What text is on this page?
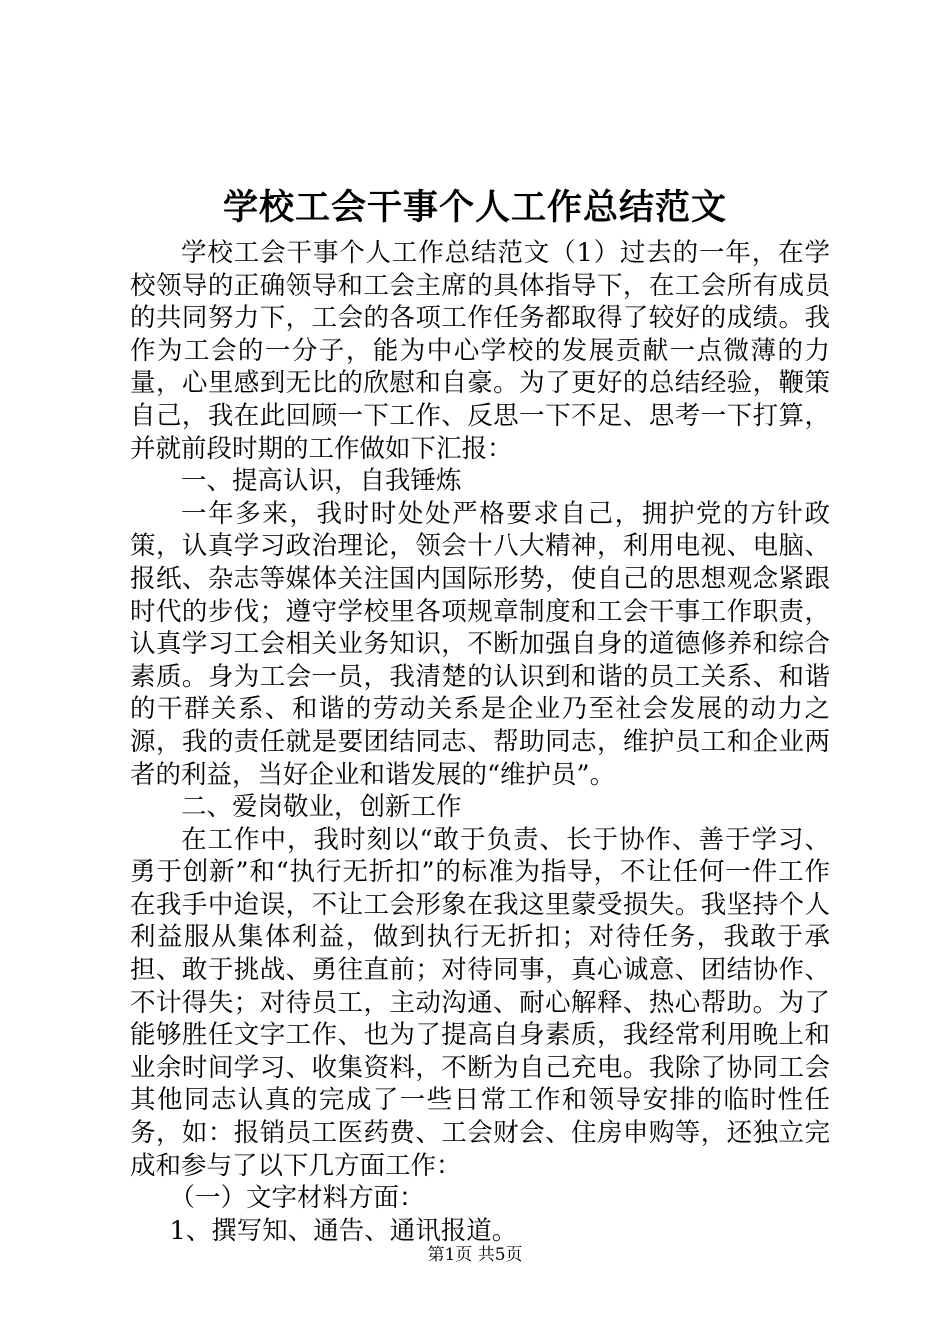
学校工会干事个人工作总结范文

学校工会干事个人工作总结范文（1）过去的一年，在学校领导的正确领导和工会主席的具体指导下，在工会所有成员的共同努力下，工会的各项工作任务都取得了较好的成绩。我作为工会的一分子，能为中心学校的发展贡献一点微薄的力量，心里感到无比的欣慰和自豪。为了更好的总结经验，鞭策自己，我在此回顾一下工作、反思一下不足、思考一下打算，并就前段时期的工作做如下汇报：

一、提高认识，自我锤炼

一年多来，我时时处处严格要求自己，拥护党的方针政策，认真学习政治理论，领会十八大精神，利用电视、电脑、报纸、杂志等媒体关注国内国际形势，使自己的思想观念紧跟时代的步伐；遵守学校里各项规章制度和工会干事工作职责，认真学习工会相关业务知识，不断加强自身的道德修养和综合素质。身为工会一员，我清楚的认识到和谐的员工关系、和谐的干群关系、和谐的劳动关系是企业乃至社会发展的动力之源，我的责任就是要团结同志、帮助同志，维护员工和企业两者的利益，当好企业和谐发展的“维护员”。

二、爱岗敬业，创新工作

在工作中，我时刻以“敢于负责、长于协作、善于学习、勇于创新”和“执行无折扣”的标准为指导，不让任何一件工作在我手中迨误，不让工会形象在我这里蒙受损失。我坚持个人利益服从集体利益，做到执行无折扣；对待任务，我敢于承担、敢于挑战、勇往直前；对待同事，真心诚意、团结协作、不计得失；对待员工，主动沟通、耐心解释、热心帮助。为了能够胜任文字工作、也为了提高自身素质，我经常利用晚上和业余时间学习、收集资料，不断为自己充电。我除了协同工会其他同志认真的完成了一些日常工作和领导安排的临时性任务，如：报销员工医药费、工会财会、住房申购等，还独立完成和参与了以下几方面工作：

（一）文字材料方面：

1、撰写知、通告、通讯报道。

第1页 共5页
